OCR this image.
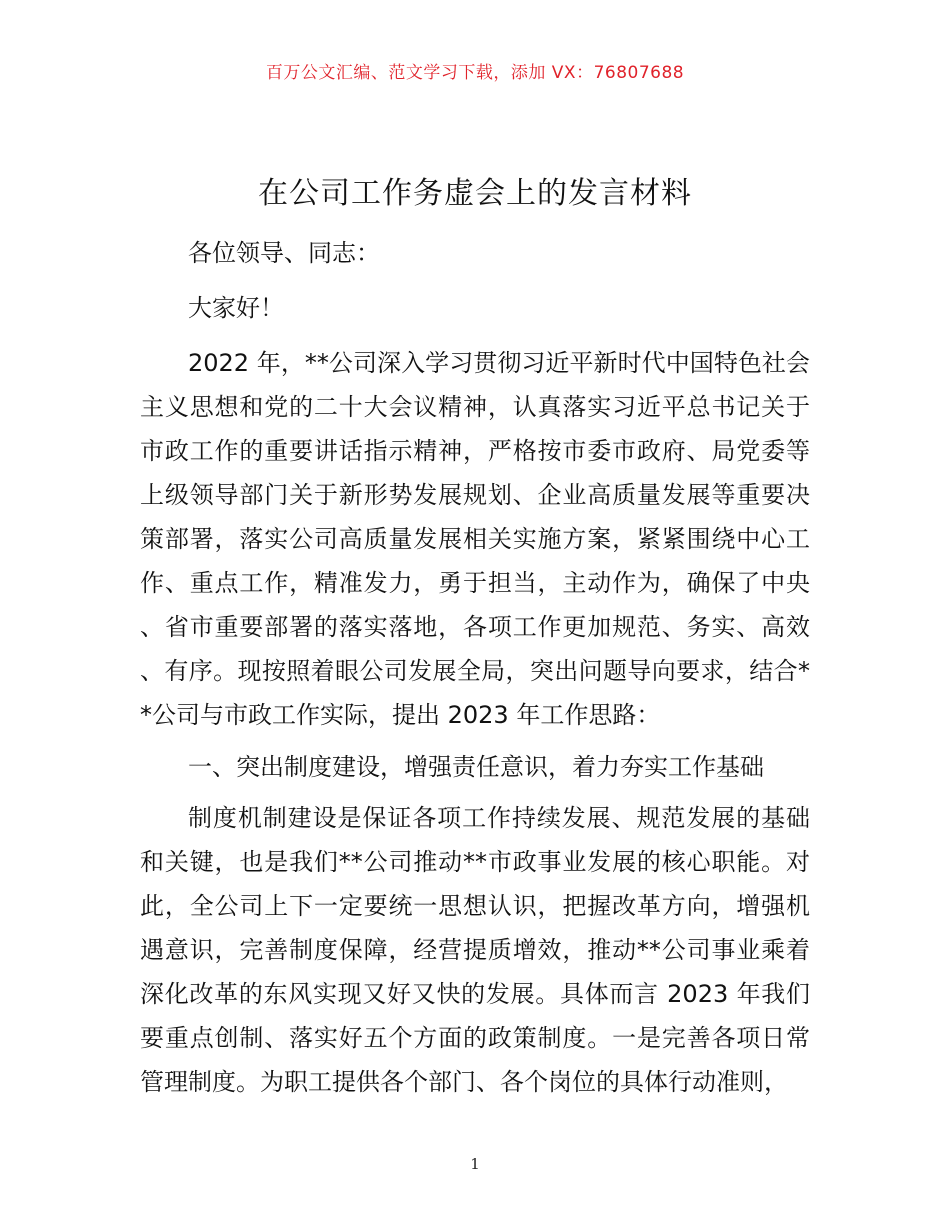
百万公文汇编、范文学习下载，添加 VX：76807688
在公司工作务虚会上的发言材料

各位领导、同志：

大家好！

2022 年，**公司深入学习贯彻习近平新时代中国特色社会主义思想和党的二十大会议精神，认真落实习近平总书记关于市政工作的重要讲话指示精神，严格按市委市政府、局党委等上级领导部门关于新形势发展规划、企业高质量发展等重要决策部署，落实公司高质量发展相关实施方案，紧紧围绕中心工作、重点工作，精准发力，勇于担当，主动作为，确保了中央、省市重要部署的落实落地，各项工作更加规范、务实、高效、有序。现按照着眼公司发展全局，突出问题导向要求，结合**公司与市政工作实际，提出 2023 年工作思路：

一、突出制度建设，增强责任意识，着力夯实工作基础

制度机制建设是保证各项工作持续发展、规范发展的基础和关键，也是我们**公司推动**市政事业发展的核心职能。对此，全公司上下一定要统一思想认识，把握改革方向，增强机遇意识，完善制度保障，经营提质增效，推动**公司事业乘着深化改革的东风实现又好又快的发展。具体而言 2023 年我们要重点创制、落实好五个方面的政策制度。一是完善各项日常管理制度。为职工提供各个部门、各个岗位的具体行动准则，

1
